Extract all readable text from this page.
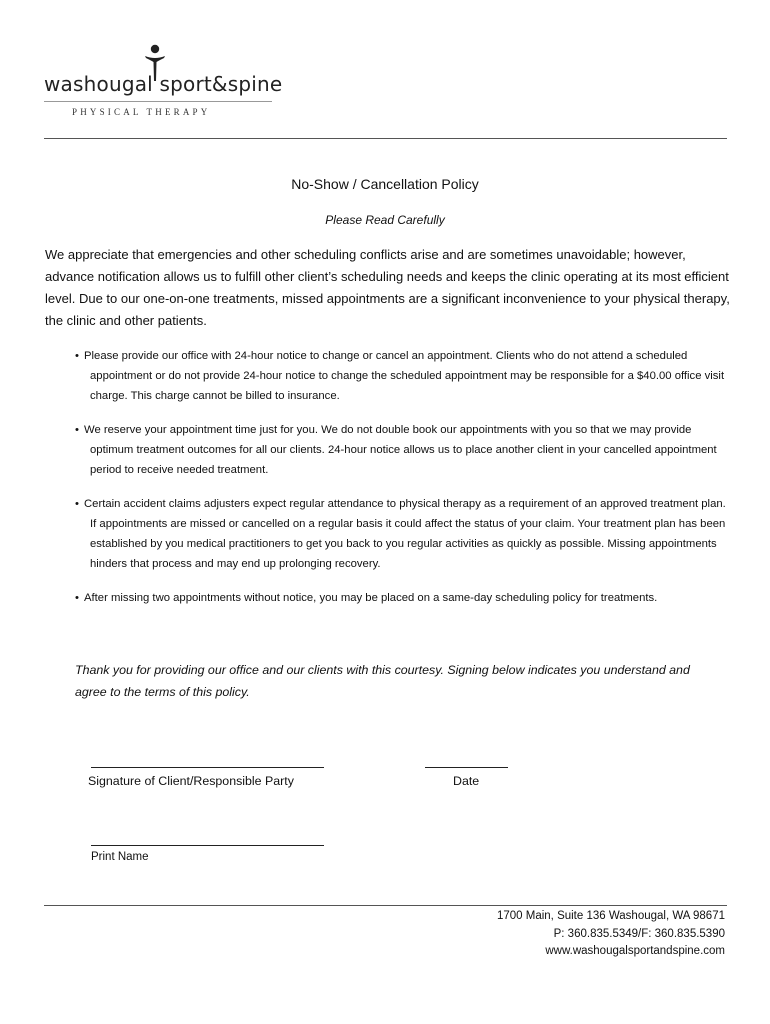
washougal sport&spine
PHYSICAL THERAPY
No-Show / Cancellation Policy
Please Read Carefully
We appreciate that emergencies and other scheduling conflicts arise and are sometimes unavoidable; however, advance notification allows us to fulfill other client’s scheduling needs and keeps the clinic operating at its most efficient level. Due to our one-on-one treatments, missed appointments are a significant inconvenience to your physical therapy, the clinic and other patients.
• Please provide our office with 24-hour notice to change or cancel an appointment. Clients who do not attend a scheduled appointment or do not provide 24-hour notice to change the scheduled appointment may be responsible for a $40.00 office visit charge. This charge cannot be billed to insurance.
• We reserve your appointment time just for you. We do not double book our appointments with you so that we may provide optimum treatment outcomes for all our clients. 24-hour notice allows us to place another client in your cancelled appointment period to receive needed treatment.
• Certain accident claims adjusters expect regular attendance to physical therapy as a requirement of an approved treatment plan. If appointments are missed or cancelled on a regular basis it could affect the status of your claim. Your treatment plan has been established by you medical practitioners to get you back to you regular activities as quickly as possible. Missing appointments hinders that process and may end up prolonging recovery.
• After missing two appointments without notice, you may be placed on a same-day scheduling policy for treatments.
Thank you for providing our office and our clients with this courtesy. Signing below indicates you understand and agree to the terms of this policy.
Signature of Client/Responsible Party	Date
Print Name
1700 Main, Suite 136 Washougal, WA 98671
P: 360.835.5349/F: 360.835.5390
www.washougalsportandspine.com
